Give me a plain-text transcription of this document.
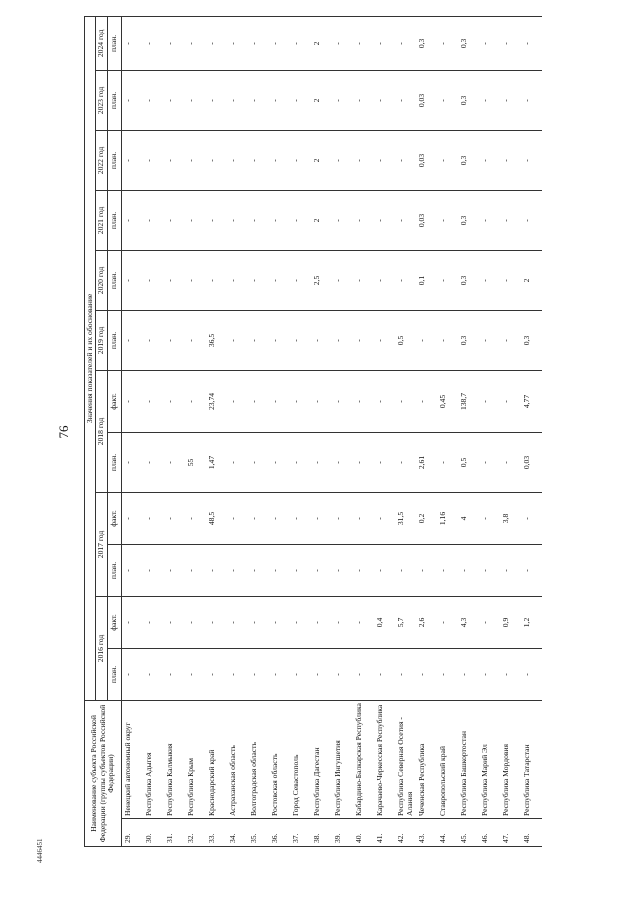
4446451
76
Наименование субъекта Российской Федерации (группы субъектов Российской Федерации)		Значения показателей и их обоснование											
		2016 год		2017 год		2018 год		2019 год	2020 год	2021 год	2022 год	2023 год	2024 год
		план.	факт.	план.	факт.	план.	факт.	план.	план.	план.	план.	план.	план.
29.	Ненецкий автономный округ	-	-	-	-	-	-	-	-	-	-	-	-
30.	Республика Адыгея	-	-	-	-	-	-	-	-	-	-	-	-
31.	Республика Калмыкия	-	-	-	-	-	-	-	-	-	-	-	-
32.	Республика Крым	-	-	-	-	55	-	-	-	-	-	-	-
33.	Краснодарский край	-	-	-	48,5	1,47	23,74	36,5	-	-	-	-	-
34.	Астраханская область	-	-	-	-	-	-	-	-	-	-	-	-
35.	Волгоградская область	-	-	-	-	-	-	-	-	-	-	-	-
36.	Ростовская область	-	-	-	-	-	-	-	-	-	-	-	-
37.	Город Севастополь	-	-	-	-	-	-	-	-	-	-	-	-
38.	Республика Дагестан	-	-	-	-	-	-	-	2,5	2	2	2	2
39.	Республика Ингушетия	-	-	-	-	-	-	-	-	-	-	-	-
40.	Кабардино-Балкарская Республика	-	-	-	-	-	-	-	-	-	-	-	-
41.	Карачаево-Черкесская Республика	-	0,4	-	-	-	-	-	-	-	-	-	-
42.	Республика Северная Осетия - Алания	-	5,7	-	31,5	-	-	0,5	-	-	-	-	-
43.	Чеченская Республика	-	2,6	-	0,2	2,61	-	-	0,1	0,03	0,03	0,03	0,3
44.	Ставропольский край	-	-	-	1,16	-	0,45	-	-	-	-	-	-
45.	Республика Башкортостан	-	4,3	-	4	0,5	138,7	0,3	0,3	0,3	0,3	0,3	0,3
46.	Республика Марий Эл	-	-	-	-	-	-	-	-	-	-	-	-
47.	Республика Мордовия	-	0,9	-	3,8	-	-	-	-	-	-	-	-
48.	Республика Татарстан	-	1,2	-	-	0,03	4,77	0,3	2	-	-	-	-
